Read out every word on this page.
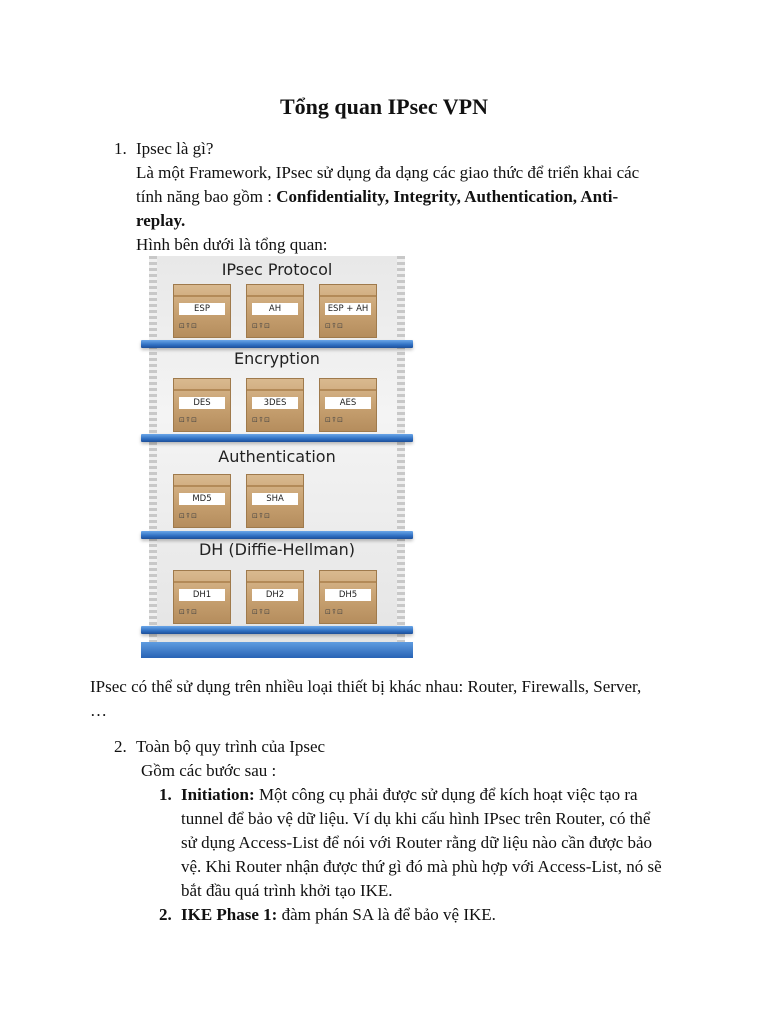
Tổng quan IPsec VPN
1. Ipsec là gì?
Là một Framework, IPsec sử dụng đa dạng các giao thức để triển khai các
tính năng bao gồm : Confidentiality, Integrity, Authentication, Anti-
replay.
Hình bên dưới là tổng quan:
IPsec Protocol
ESP
⊡⍒⊡
AH
⊡⍒⊡
ESP + AH
⊡⍒⊡
Encryption
DES
⊡⍒⊡
3DES
⊡⍒⊡
AES
⊡⍒⊡
Authentication
MD5
⊡⍒⊡
SHA
⊡⍒⊡
DH (Diffie-Hellman)
DH1
⊡⍒⊡
DH2
⊡⍒⊡
DH5
⊡⍒⊡
IPsec có thể sử dụng trên nhiều loại thiết bị khác nhau: Router, Firewalls, Server,
…
2. Toàn bộ quy trình của Ipsec
Gồm các bước sau :
1. Initiation: Một công cụ phải được sử dụng để kích hoạt việc tạo ra
tunnel để bảo vệ dữ liệu. Ví dụ khi cấu hình IPsec trên Router, có thể
sử dụng Access-List để nói với Router rằng dữ liệu nào cần được bảo
vệ. Khi Router nhận được thứ gì đó mà phù hợp với Access-List, nó sẽ
bắt đầu quá trình khởi tạo IKE.
2. IKE Phase 1: đàm phán SA là để bảo vệ IKE.
